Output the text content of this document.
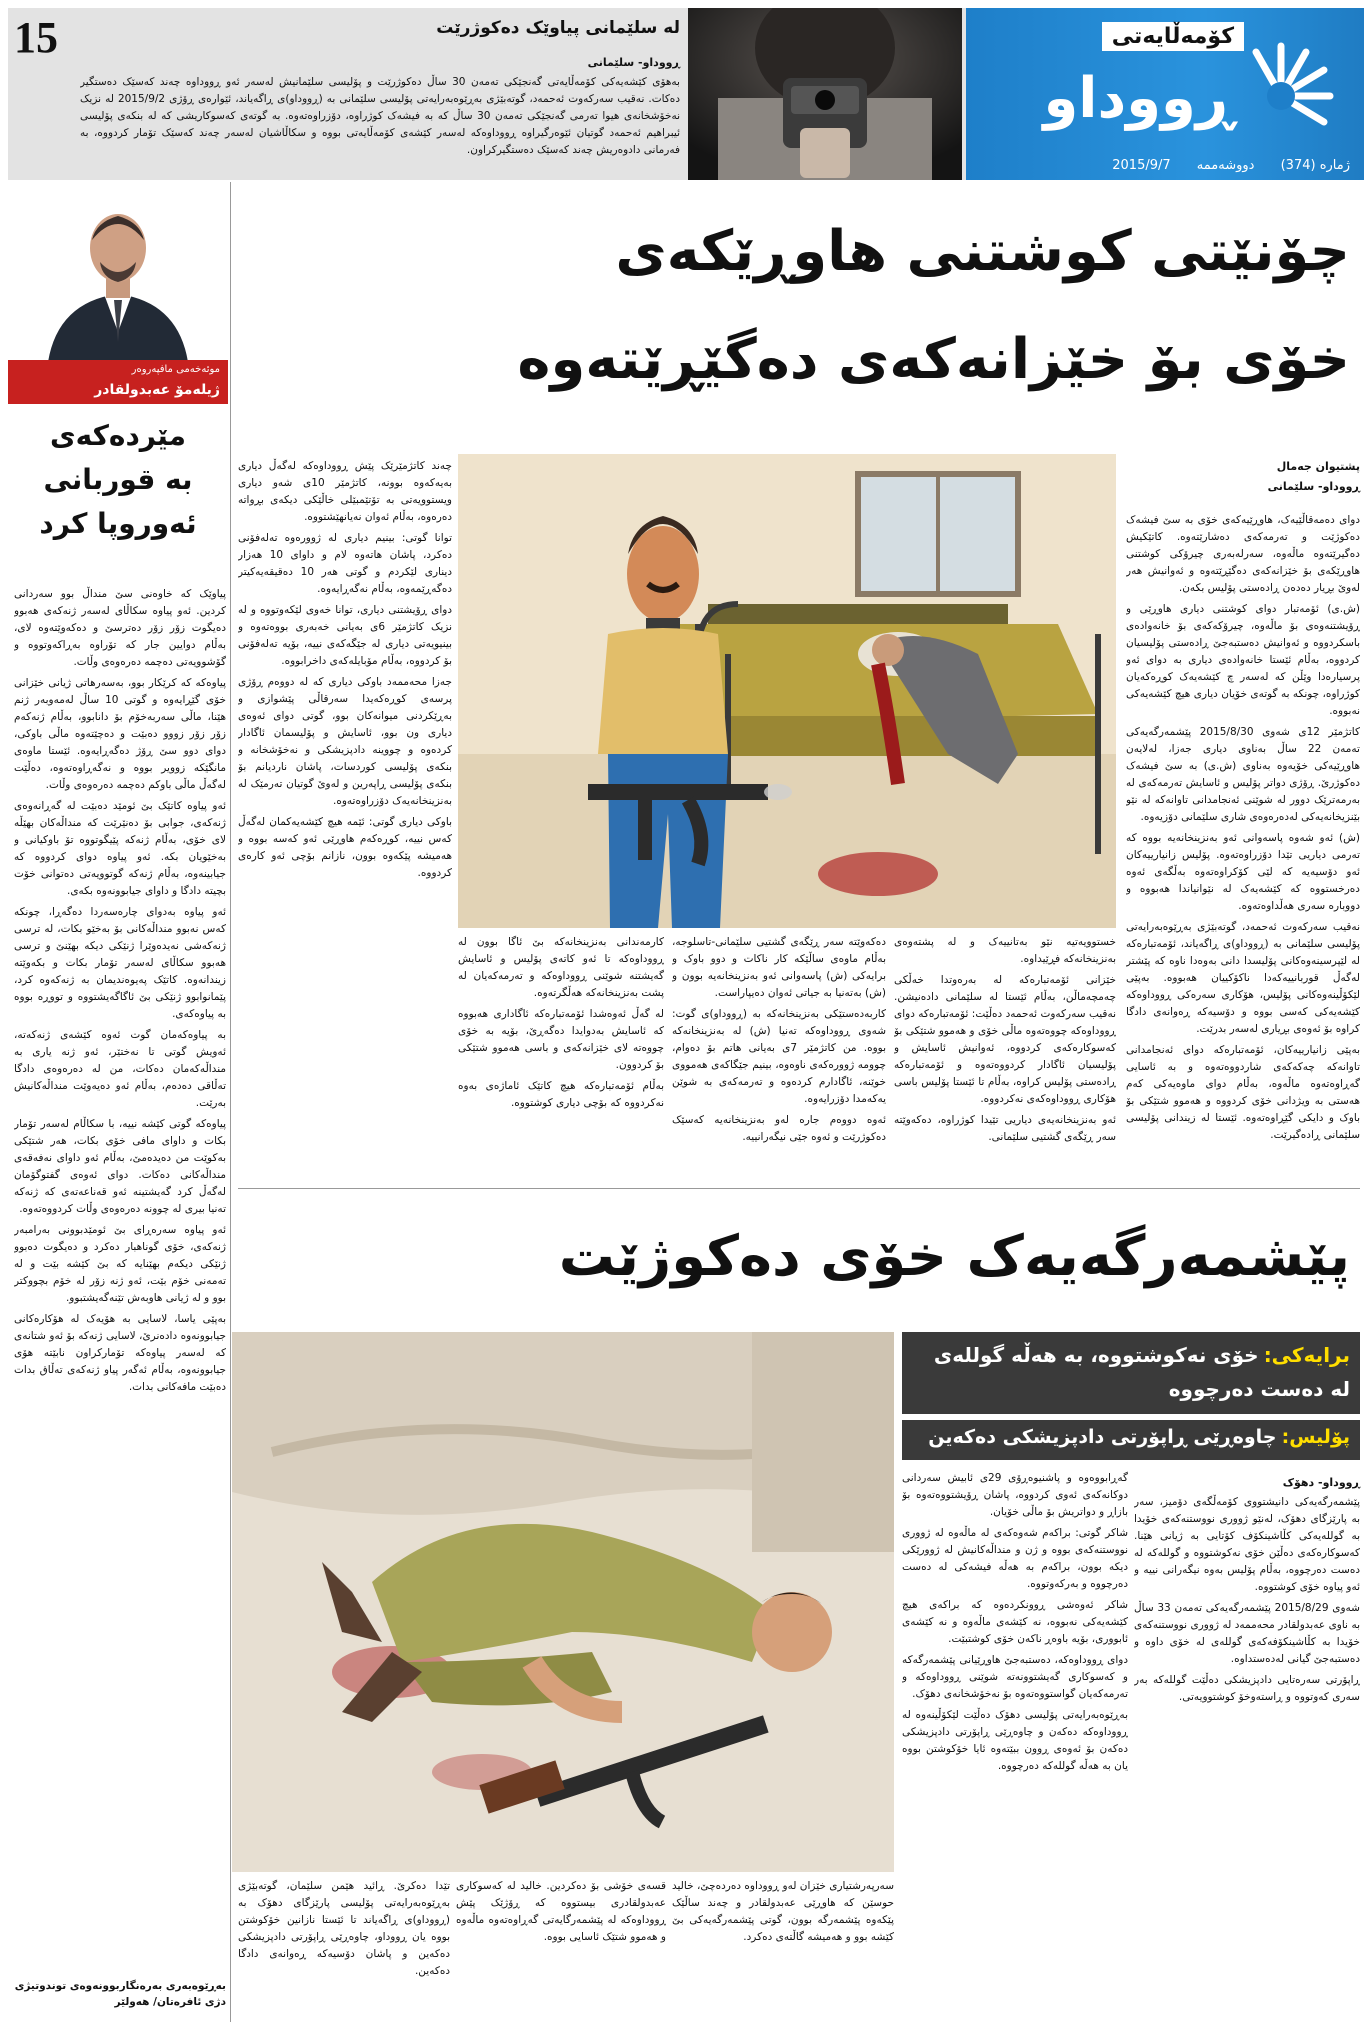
15	لە سلێمانی پیاوێک دەکوژرێت
ڕووداو- سلێمانی
بەهۆی کێشەیەکی کۆمەڵایەتی گەنجێکی تەمەن 30 ساڵ دەکوژرێت و پۆلیسی سلێمانیش لەسەر ئەو ڕووداوە چەند کەسێک دەستگیر دەکات. نەقیب سەرکەوت ئەحمەد، گوتەبێژی بەڕێوەبەرایەتی پۆلیسی سلێمانی بە (ڕووداو)ی ڕاگەیاند، ئێوارەی ڕۆژی 2015/9/2 لە نزیک نەخۆشخانەی هیوا تەرمی گەنجێکی تەمەن 30 ساڵ کە بە فیشەک کوژراوە، دۆزراوەتەوە. بە گوتەی کەسوکاریشی کە لە بنکەی پۆلیسی ئیبراهیم ئەحمەد گوتیان ئێوەرگیراوە ڕووداوەکە لەسەر کێشەی کۆمەڵایەتی بووە و سکاڵاشیان لەسەر چەند کەسێک تۆمار کردووە، بە فەرمانی دادوەریش چەند کەسێک دەستگیرکراون.
کۆمەڵایەتی
ڕووداو
ژمارە (374) دووشەممە 2015/9/7
موئەخەمی مافپەروەر
ژیلەمۆ عەبدولقادر
مێردەکەی
بە قوربانی
ئەوروپا کرد

پیاوێک کە خاوەنی سێ منداڵ بوو سەردانی کردین. ئەو پیاوە سکاڵای لەسەر ژنەکەی هەبوو دەیگوت زۆر زۆر دەترسێ و دەکەوێتەوە لای، بەڵام دوایین جار کە تۆراوە بەڕاکەوتووە و گۆشوویەتی دەچمە دەرەوەی وڵات.

پیاوەکە کە کرێکار بوو، بەسەرهاتی ژیانی خێزانی خۆی گێڕایەوە و گوتی 10 ساڵ لەمەوبەر ژنم هێنا، ماڵی سەربەخۆم بۆ دانابوو، بەڵام ژنەکەم زۆر زۆر زووو دەبێت و دەچێتەوە ماڵی باوکی، دوای دوو سێ ڕۆژ دەگەڕایەوە. ئێستا ماوەی مانگێکە زوویر بووە و نەگەڕاوەتەوە، دەڵێت لەگەڵ ماڵی باوکم دەچمە دەرەوەی وڵات.

ئەو پیاوە کاتێک بێ ئومێد دەبێت لە گەڕانەوەی ژنەکەی، جوابی بۆ دەنێرێت کە منداڵەکان بهێڵە لای خۆی، بەڵام ژنەکە پێیگوتووە تۆ باوکیانی و بەخێویان بکە. ئەو پیاوە دوای کردووە کە جیابینەوە، بەڵام ژنەکە گوتوویەتی دەتوانی خۆت بچیتە دادگا و داوای جیابوونەوە بکەی.

ئەو پیاوە بەدوای چارەسەردا دەگەڕا، چونکە کەس نەبوو منداڵەکانی بۆ بەخێو بکات، لە ترسی ژنەکەشی نەیدەوێرا ژنێکی دیکە بهێنێ و ترسی هەبوو سکاڵای لەسەر تۆمار بکات و بکەوێتە زیندانەوە. کاتێک پەیوەندیمان بە ژنەکەوە کرد، پێمانوابوو ژنێکی بێ ئاگاگەیشتووە و تووڕە بووە بە پیاوەکەی.

بە پیاوەکەمان گوت ئەوە کێشەی ژنەکەتە، ئەویش گوتی تا نەختێر، ئەو ژنە یاری بە منداڵەکەمان دەکات، من لە دەرەوەی دادگا تەڵاقی دەدەم، بەڵام ئەو دەیەوێت منداڵەکانیش بەرێت.

پیاوەکە گوتی کێشە نییە، با سکاڵام لەسەر تۆمار بکات و داوای مافی خۆی بکات، هەر شتێکی بەکوێت من دەیدەمێ، بەڵام ئەو داوای نەفەقەی منداڵەکانی دەکات. دوای ئەوەی گفتوگۆمان لەگەڵ کرد گەیشتینە ئەو قەناعەتەی کە ژنەکە تەنیا بیری لە چوونە دەرەوەی وڵات کردووەتەوە.

ئەو پیاوە سەرەڕای بێ ئومێدبوونی بەرامبەر ژنەکەی، خۆی گوناهبار دەکرد و دەیگوت دەبوو ژنێکی دیکەم بهێنایە کە بێ کێشە بێت و لە تەمەنی خۆم بێت، ئەو ژنە زۆر لە خۆم بچووکتر بوو و لە ژیانی هاوبەش تێنەگەیشتبوو.

بەپێی یاسا، لاسایی بە هۆیەک لە هۆکارەکانی جیابوونەوە دادەنرێ، لاسایی ژنەکە بۆ ئەو شتانەی کە لەسەر پیاوەکە تۆمارکراون نابێتە هۆی جیابوونەوە، بەڵام ئەگەر پیاو ژنەکەی تەڵاق بدات دەبێت مافەکانی بدات.

بەڕێوەبەری بەرەنگاربوونەوەی توندوتیژی دژی ئافرەتان/ هەولێر
چۆنێتی کوشتنی هاوڕێکەی
خۆی بۆ خێزانەکەی دەگێڕێتەوە
پشتیوان جەمال
ڕووداو- سلێمانی

دوای دەمەقاڵێیەک، هاوڕێیەکەی خۆی بە سێ فیشەک دەکوژێت و تەرمەکەی دەشارێتەوە. کاتێکیش دەگیرێتەوە ماڵەوە، سەرلەبەری چیرۆکی کوشتنی هاوڕێکەی بۆ خێزانەکەی دەگێڕێتەوە و ئەوانیش هەر لەوێ بڕیار دەدەن ڕادەستی پۆلیس بکەن.

(ش.ی) ئۆمەتبار دوای کوشتنی دیاری هاوڕێی و ڕۆیشتنەوەی بۆ ماڵەوە، چیرۆکەکەی بۆ خانەوادەی باسکردووە و ئەوانیش دەستبەجێ ڕادەستی پۆلیسیان کردووە، بەڵام ئێستا خانەوادەی دیاری بە دوای ئەو پرسیارەدا وێڵن کە لەسەر چ کێشەیەک کوڕەکەیان کوژراوە، چونکە بە گوتەی خۆیان دیاری هیچ کێشەیەکی نەبووە.

کاتژمێر 12ی شەوی 2015/8/30 پێشمەرگەیەکی تەمەن 22 ساڵ بەناوی دیاری جەزا، لەلایەن هاوڕێیەکی خۆیەوە بەناوی (ش.ی) بە سێ فیشەک دەکوژرێ. ڕۆژی دواتر پۆلیس و ئاسایش تەرمەکەی لە بەرمەترێک دوور لە شوێنی ئەنجامدانی تاوانەکە لە نێو بێنزیخانەیەکی لەدەرەوەی شاری سلێمانی دۆزیەوە.

(ش) ئەو شەوە پاسەوانی ئەو بەنزینخانەیە بووە کە تەرمی دیاریی تێدا دۆزراوەتەوە. پۆلیس زانیارییەکان ئەو دۆسیەیە کە لێی کۆکراوەتەوە بەڵگەی ئەوە دەرخستووە کە کێشەیەک لە نێوانیاندا هەبووە و دووبارە سەری هەڵداوەتەوە.

نەقیب سەرکەوت ئەحمەد، گوتەبێژی بەڕێوەبەرایەتی پۆلیسی سلێمانی بە (ڕووداو)ی ڕاگەیاند، ئۆمەتبارەکە لە لێپرسینەوەکانی پۆلیسدا دانی بەوەدا ناوە کە پێشتر لەگەڵ قوربانییەکەدا ناکۆکییان هەبووە. بەپێی لێکۆڵینەوەکانی پۆلیس، هۆکاری سەرەکی ڕووداوەکە کێشەیەکی کەسی بووە و دۆسیەکە ڕەوانەی دادگا کراوە بۆ ئەوەی بڕیاری لەسەر بدرێت.

بەپێی زانیارییەکان، ئۆمەتبارەکە دوای ئەنجامدانی تاوانەکە چەکەکەی شاردووەتەوە و بە ئاسایی گەڕاوەتەوە ماڵەوە، بەڵام دوای ماوەیەکی کەم هەستی بە ویژدانی خۆی کردووە و هەموو شتێکی بۆ باوک و دایکی گێڕاوەتەوە. ئێستا لە زیندانی پۆلیسی سلێمانی ڕادەگیرێت.

خستوویەتیە نێو بەتانییەک و لە پشتەوەی بەنزینخانەکە فڕێیداوە.

خێزانی ئۆمەتبارەکە لە بەرەوتدا خەڵکی چەمچەماڵن، بەڵام ئێستا لە سلێمانی دادەنیشن. نەقیب سەرکەوت ئەحمەد دەڵێت: ئۆمەتبارەکە دوای ڕووداوەکە چووەتەوە ماڵی خۆی و هەموو شتێکی بۆ کەسوکارەکەی کردووە، ئەوانیش ئاسایش و پۆلیسیان ئاگادار کردووەتەوە و ئۆمەتبارەکە ڕادەستی پۆلیس کراوە، بەڵام تا ئێستا پۆلیس باسی هۆکاری ڕووداوەکەی نەکردووە.

ئەو بەنزینخانەیەی دیاریی تێیدا کوژراوە، دەکەوێتە سەر ڕێگەی گشتیی سلێمانی.

دەکەوێتە سەر ڕێگەی گشتیی سلێمانی-تاسلوجە، بەڵام ماوەی ساڵێکە کار ناکات و دوو باوک و برایەکی (ش) پاسەوانی ئەو بەنزینخانەیە بوون و (ش) بەتەنیا بە جیاتی ئەوان دەیپاراست.

کاربەدەستێکی بەنزینخانەکە بە (ڕووداو)ی گوت: شەوی ڕووداوەکە تەنیا (ش) لە بەنزینخانەکە بووە. من کاتژمێر 7ی بەیانی هاتم بۆ دەوام، چوومە ژوورەکەی ناوەوە، بینیم جێگاکەی هەمووی خوێنە، ئاگادارم کردەوە و تەرمەکەی بە شوێن یەکەمدا دۆزرایەوە.

ئەوە دووەم جارە لەو بەنزینخانەیە کەسێک دەکوژرێت و ئەوە جێی نیگەرانییە.

کارمەندانی بەنزینخانەکە بێ ئاگا بوون لە ڕووداوەکە تا ئەو کاتەی پۆلیس و ئاسایش گەیشتنە شوێنی ڕووداوەکە و تەرمەکەیان لە پشت بەنزینخانەکە هەڵگرتەوە.

لە گەڵ ئەوەشدا ئۆمەتبارەکە ئاگاداری هەبووە کە ئاسایش بەدوایدا دەگەڕێ، بۆیە بە خۆی چووەتە لای خێزانەکەی و باسی هەموو شتێکی بۆ کردوون.

بەڵام ئۆمەتبارەکە هیچ کاتێک ئاماژەی بەوە نەکردووە کە بۆچی دیاری کوشتووە.

چەند کاتژمێرێک پێش ڕووداوەکە لەگەڵ دیاری بەیەکەوە بوونە، کاتژمێر 10ی شەو دیاری ویستوویەتی بە تۆتێمبێلی خاڵێکی دیکەی بڕواتە دەرەوە، بەڵام ئەوان نەیانهێشتووە.

توانا گوتی: بینیم دیاری لە ژوورەوە تەلەفۆنی دەکرد، پاشان هاتەوە لام و داوای 10 هەزار دیناری لێکردم و گوتی هەر 10 دەقیقەیەکیتر دەگەڕێمەوە، بەڵام نەگەڕایەوە.

دوای ڕۆیشتنی دیاری، توانا خەوی لێکەوتووە و لە نزیک کاتژمێر 6ی بەیانی خەبەری بووەتەوە و بینیویەتی دیاری لە جێگەکەی نییە، بۆیە تەلەفۆنی بۆ کردووە، بەڵام مۆبایلەکەی داخرابووە.

جەزا محەممەد باوکی دیاری کە لە دووەم ڕۆژی پرسەی کوڕەکەیدا سەرقاڵی پێشوازی و بەڕێکردنی میوانەکان بوو، گوتی دوای ئەوەی دیاری ون بوو، ئاسایش و پۆلیسمان ئاگادار کردەوە و چووینە دادپزیشکی و نەخۆشخانە و بنکەی پۆلیسی کوردسات، پاشان ناردیانم بۆ بنکەی پۆلیسی ڕاپەرین و لەوێ گوتیان تەرمێک لە بەنزینخانەیەک دۆزراوەتەوە.

باوکی دیاری گوتی: ئێمە هیچ کێشەیەکمان لەگەڵ کەس نییە، کوڕەکەم هاوڕێی ئەو کەسە بووە و هەمیشە پێکەوە بوون، نازانم بۆچی ئەو کارەی کردووە.

پێشمەرگەیەک خۆی دەکوژێت
برایەکی: خۆی نەکوشتووە، بە هەڵە گوللەی لە دەست دەرچووە
پۆلیس: چاوەڕێی ڕاپۆرتی دادپزیشکی دەکەین
ڕووداو- دهۆک

پێشمەرگەیەکی دانیشتووی کۆمەڵگەی دۆمیز، سەر بە پارێزگای دهۆک، لەنێو ژووری نووستنەکەی خۆیدا بە گوللەیەکی کڵاشینکۆف کۆتایی بە ژیانی هێنا. کەسوکارەکەی دەڵێن خۆی نەکوشتووە و گوللەکە لە دەست دەرچووە، بەڵام پۆلیس بەوە نیگەرانی نییە و ئەو پیاوە خۆی کوشتووە.

شەوی 2015/8/29 پێشمەرگەیەکی تەمەن 33 ساڵ بە ناوی عەبدولقادر محەممەد لە ژووری نووستنەکەی خۆیدا بە کڵاشینکۆفەکەی گوللەی لە خۆی داوە و دەستبەجێ گیانی لەدەستداوە.

ڕاپۆرتی سەرەتایی دادپزیشکی دەڵێت گوللەکە بەر سەری کەوتووە و ڕاستەوخۆ کوشتوویەتی.

گەڕابووەوە و پاشنیوەڕۆی 29ی ئابیش سەردانی دوکانەکەی ئەوی کردووە، پاشان ڕۆیشتووەتەوە بۆ بازاڕ و دواتریش بۆ ماڵی خۆیان.

شاکر گوتی: براکەم شەوەکەی لە ماڵەوە لە ژووری نووستنەکەی بووە و ژن و منداڵەکانیش لە ژوورێکی دیکە بوون، براکەم بە هەڵە فیشەکی لە دەست دەرچووە و بەرکەوتووە.

شاکر ئەوەشی ڕوونکردەوە کە براکەی هیچ کێشەیەکی نەبووە، نە کێشەی ماڵەوە و نە کێشەی ئابووری، بۆیە باوەڕ ناکەن خۆی کوشتبێت.

دوای ڕووداوەکە، دەستبەجێ هاوڕێیانی پێشمەرگەکە و کەسوکاری گەیشتوونەتە شوێنی ڕووداوەکە و تەرمەکەیان گواستووەتەوە بۆ نەخۆشخانەی دهۆک.

بەڕێوەبەرایەتی پۆلیسی دهۆک دەڵێت لێکۆڵینەوە لە ڕووداوەکە دەکەن و چاوەڕێی ڕاپۆرتی دادپزیشکی دەکەن بۆ ئەوەی ڕوون ببێتەوە ئایا خۆکوشتن بووە یان بە هەڵە گوللەکە دەرچووە.

سەرپەرشتیاری خێزان لەو ڕووداوە دەردەچێ، خالید حوسێن کە هاوڕێی عەبدولقادر و چەند ساڵێک پێکەوە پێشمەرگە بوون، گوتی پێشمەرگەیەکی بێ کێشە بوو و هەمیشە گاڵتەی دەکرد.

قسەی خۆشی بۆ دەکردین. خالید لە کەسوکاری عەبدولقادری بیستووە کە ڕۆژێک پێش ڕووداوەکە لە پێشمەرگایەتی گەڕاوەتەوە ماڵەوە و هەموو شتێک ئاسایی بووە.

تێدا دەکرێ. ڕائید هێمن سلێمان، گوتەبێژی بەڕێوەبەرایەتی پۆلیسی پارێزگای دهۆک بە (ڕووداو)ی ڕاگەیاند تا ئێستا نازانین خۆکوشتن بووە یان ڕووداو، چاوەڕێی ڕاپۆرتی دادپزیشکی دەکەین و پاشان دۆسیەکە ڕەوانەی دادگا دەکەین.
